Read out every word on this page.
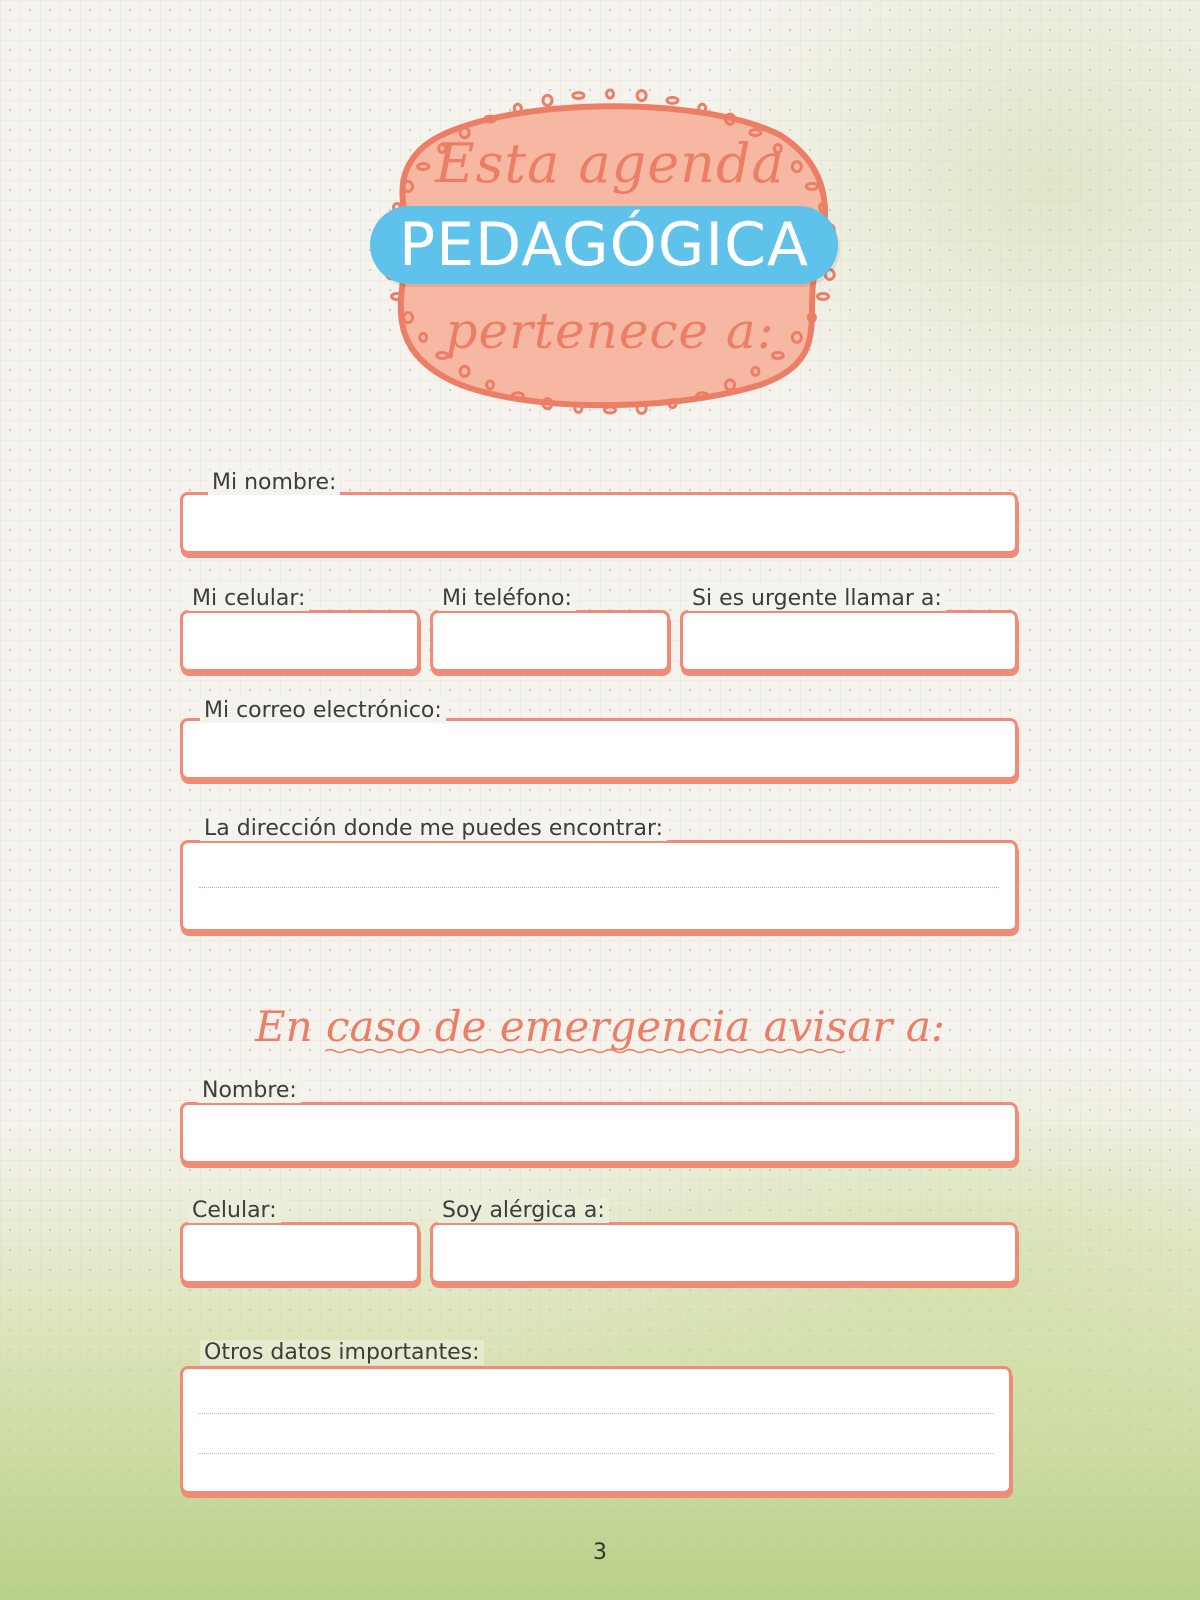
Esta agenda
PEDAGÓGICA
pertenece a:
Mi nombre:
Mi celular:	Mi teléfono:	Si es urgente llamar a:
Mi correo electrónico:
La dirección donde me puedes encontrar:
En caso de emergencia avisar a:
Nombre:
Celular:	Soy alérgica a:
Otros datos importantes:
3
